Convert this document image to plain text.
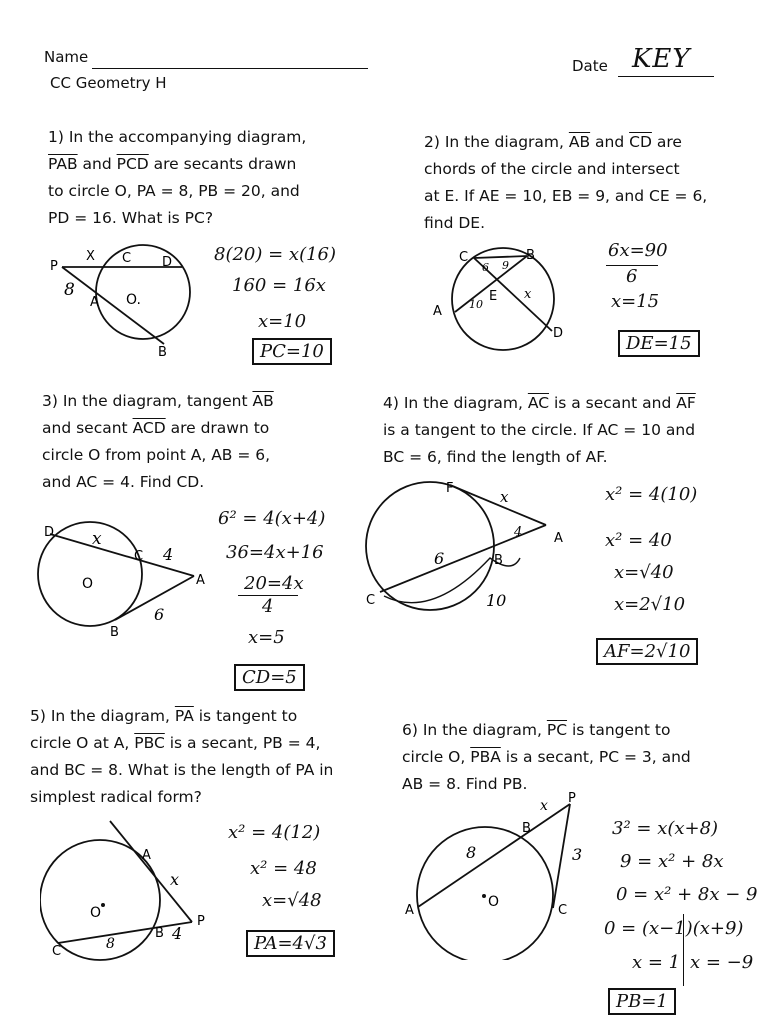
Name
CC Geometry H
Date KEY
1) In the accompanying diagram,
$\overline{PAB}$ and $\overline{PCD}$ are secants drawn
to circle O, PA = 8, PB = 20, and
PD = 16. What is PC?
P
X C D
8
A O.
B
8(20) = x(16)
160 = 16x
x=10
PC=10
2) In the diagram, $\overline{AB}$ and $\overline{CD}$ are
chords of the circle and intersect
at E. If AE = 10, EB = 9, and CE = 6,
find DE.
C	B
6 9
A 10
E x
D
6x=90
6
x=15
DE=15
3) In the diagram, tangent $\overline{AB}$
and secant $\overline{ACD}$ are drawn to
circle O from point A, AB = 6,
and AC = 4. Find CD.
D x
C 4
O	A
B
6
6² = 4(x+4)
36=4x+16
20=4x
4
x=5
CD=5
4) In the diagram, $\overline{AC}$ is a secant and $\overline{AF}$
is a tangent to the circle. If AC = 10 and
BC = 6, find the length of AF.
F	x
4 A
6	B
C	10
x² = 4(10)
x² = 40
x=√40
x=2√10
AF=2√10
5) In the diagram, $\overline{PA}$ is tangent to
circle O at A, $\overline{PBC}$ is a secant, PB = 4,
and BC = 8. What is the length of PA in
simplest radical form?
A
x
O
P
C	8
B 4
x² = 4(12)
x² = 48
x=√48
PA=4√3
6) In the diagram, $\overline{PC}$ is tangent to
circle O, $\overline{PBA}$ is a secant, PC = 3, and
AB = 8. Find PB.
x P
B
8	3
O
A	C
3² = x(x+8)
9 = x² + 8x
0 = x² + 8x − 9
0 = (x−1)(x+9)
x = 1 x = −9
PB=1
